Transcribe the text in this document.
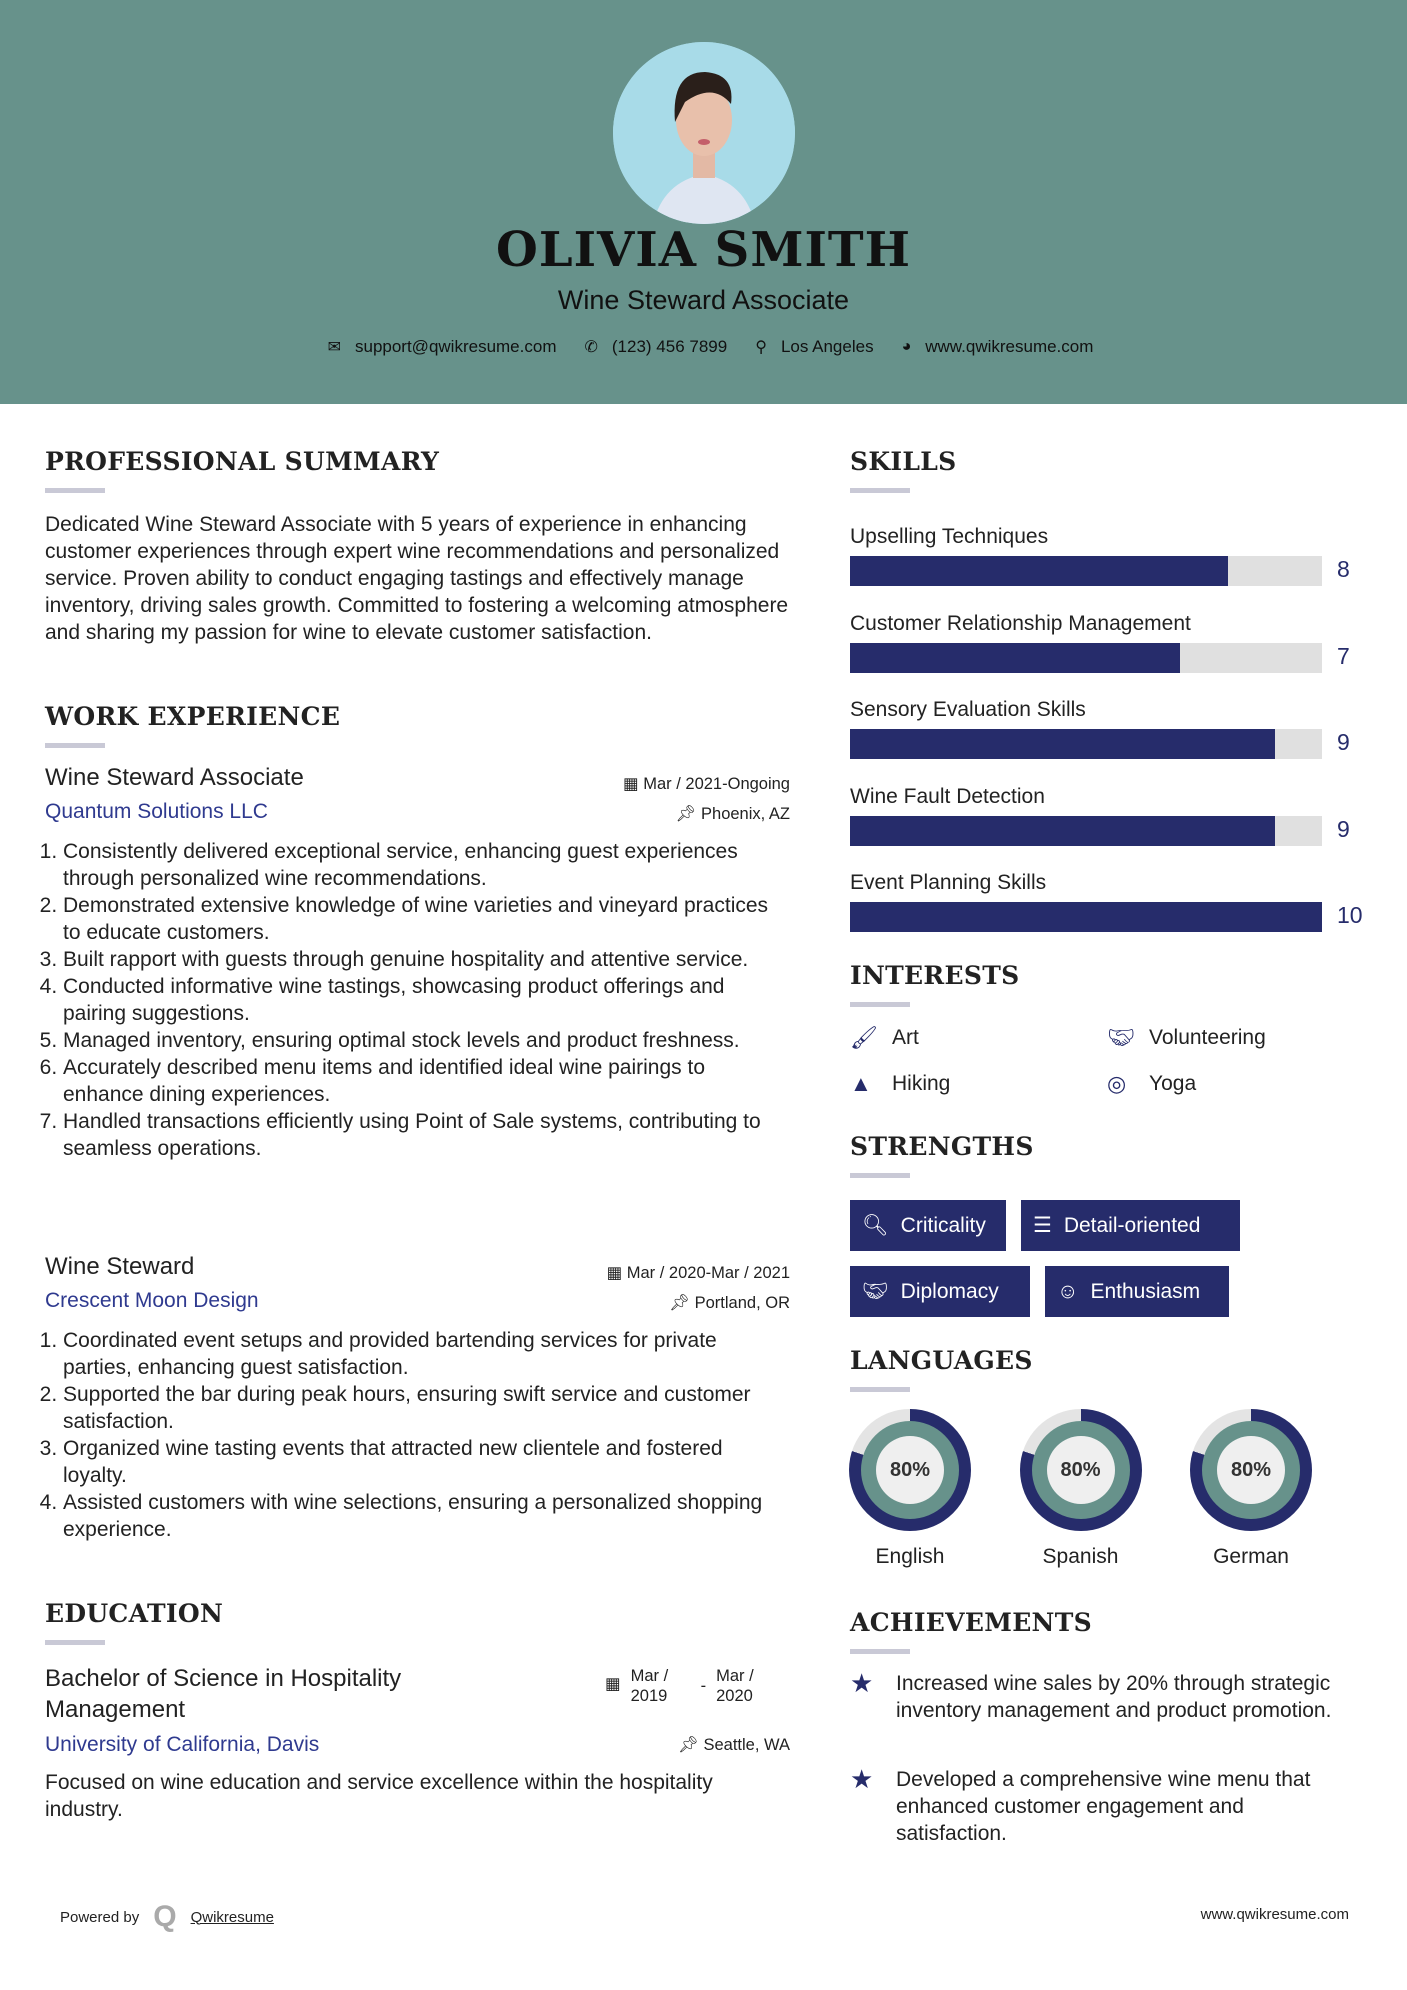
OLIVIA SMITH
Wine Steward Associate
✉ support@qwikresume.com ✆ (123) 456 7899 ⚲ Los Angeles ◕ www.qwikresume.com
PROFESSIONAL SUMMARY

Dedicated Wine Steward Associate with 5 years of experience in enhancing customer experiences through expert wine recommendations and personalized service. Proven ability to conduct engaging tastings and effectively manage inventory, driving sales growth. Committed to fostering a welcoming atmosphere and sharing my passion for wine to elevate customer satisfaction.

WORK EXPERIENCE
Wine Steward Associate
Quantum Solutions LLC
▦ Mar / 2021-Ongoing
📌︎ Phoenix, AZ
1. Consistently delivered exceptional service, enhancing guest experiences through personalized wine recommendations.
2. Demonstrated extensive knowledge of wine varieties and vineyard practices to educate customers.
3. Built rapport with guests through genuine hospitality and attentive service.
4. Conducted informative wine tastings, showcasing product offerings and pairing suggestions.
5. Managed inventory, ensuring optimal stock levels and product freshness.
6. Accurately described menu items and identified ideal wine pairings to enhance dining experiences.
7. Handled transactions efficiently using Point of Sale systems, contributing to seamless operations.
Wine Steward
Crescent Moon Design
▦ Mar / 2020-Mar / 2021
📌︎ Portland, OR
1. Coordinated event setups and provided bartending services for private parties, enhancing guest satisfaction.
2. Supported the bar during peak hours, ensuring swift service and customer satisfaction.
3. Organized wine tasting events that attracted new clientele and fostered loyalty.
4. Assisted customers with wine selections, ensuring a personalized shopping experience.
EDUCATION
Bachelor of Science in Hospitality Management
University of California, Davis
▦ Mar / 2019
-
Mar / 2020
📌︎ Seattle, WA

Focused on wine education and service excellence within the hospitality industry.

SKILLS
Upselling Techniques
8
Customer Relationship Management
7
Sensory Evaluation Skills
9
Wine Fault Detection
9
Event Planning Skills
10
INTERESTS
🖌︎ Art	🤝︎ Volunteering
▲ Hiking	◎	Yoga
STRENGTHS
🔍︎ Criticality ☰ Detail-oriented
🤝︎ Diplomacy	☺ Enthusiasm
LANGUAGES
80%
English
80%
Spanish
80%
German
ACHIEVEMENTS
★	Increased wine sales by 20% through strategic inventory management and product promotion.
★	Developed a comprehensive wine menu that enhanced customer engagement and satisfaction.
Powered by Q Qwikresume	www.qwikresume.com
